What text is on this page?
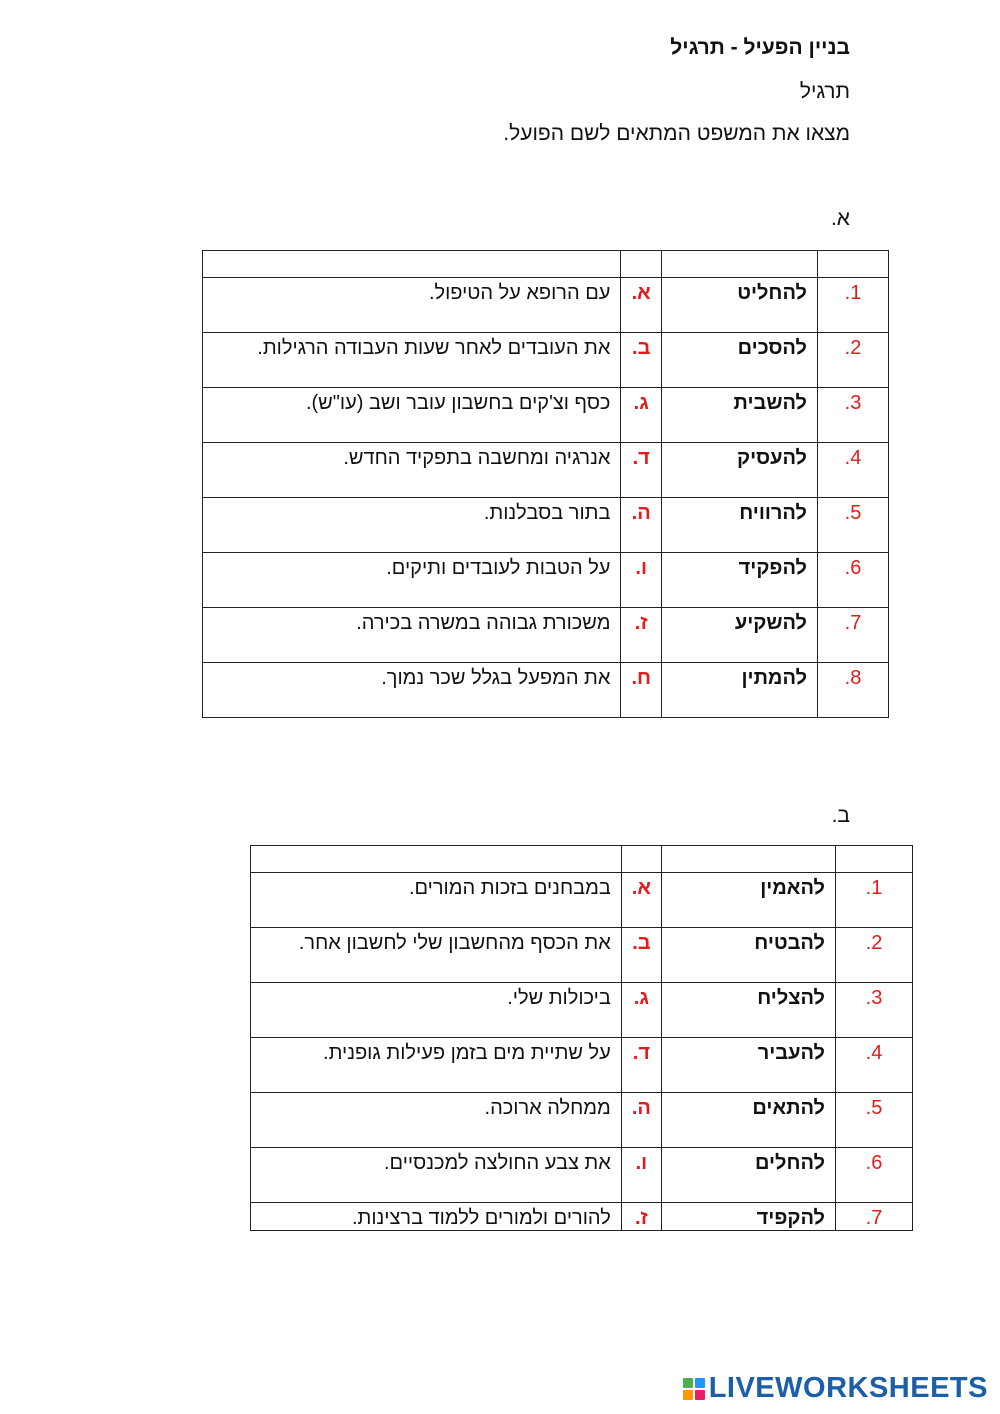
בניין הפעיל - תרגיל
תרגיל
מצאו את המשפט המתאים לשם הפועל.
א.

1.	להחליט	א.	עם הרופא על הטיפול.
2.	להסכים	ב.	את העובדים לאחר שעות העבודה הרגילות.
3.	להשבית	ג.	כסף וצ'קים בחשבון עובר ושב (עו"ש).
4.	להעסיק	ד.	אנרגיה ומחשבה בתפקיד החדש.
5.	להרוויח	ה.	בתור בסבלנות.
6.	להפקיד	ו.	על הטבות לעובדים ותיקים.
7.	להשקיע	ז.	משכורת גבוהה במשרה בכירה.
8.	להמתין	ח.	את המפעל בגלל שכר נמוך.
ב.

1.	להאמין	א.	במבחנים בזכות המורים.
2.	להבטיח	ב.	את הכסף מהחשבון שלי לחשבון אחר.
3.	להצליח	ג.	ביכולות שלי.
4.	להעביר	ד.	על שתיית מים בזמן פעילות גופנית.
5.	להתאים	ה.	ממחלה ארוכה.
6.	להחלים	ו.	את צבע החולצה למכנסיים.
7.	להקפיד	ז.	להורים ולמורים ללמוד ברצינות.
LIVEWORKSHEETS
